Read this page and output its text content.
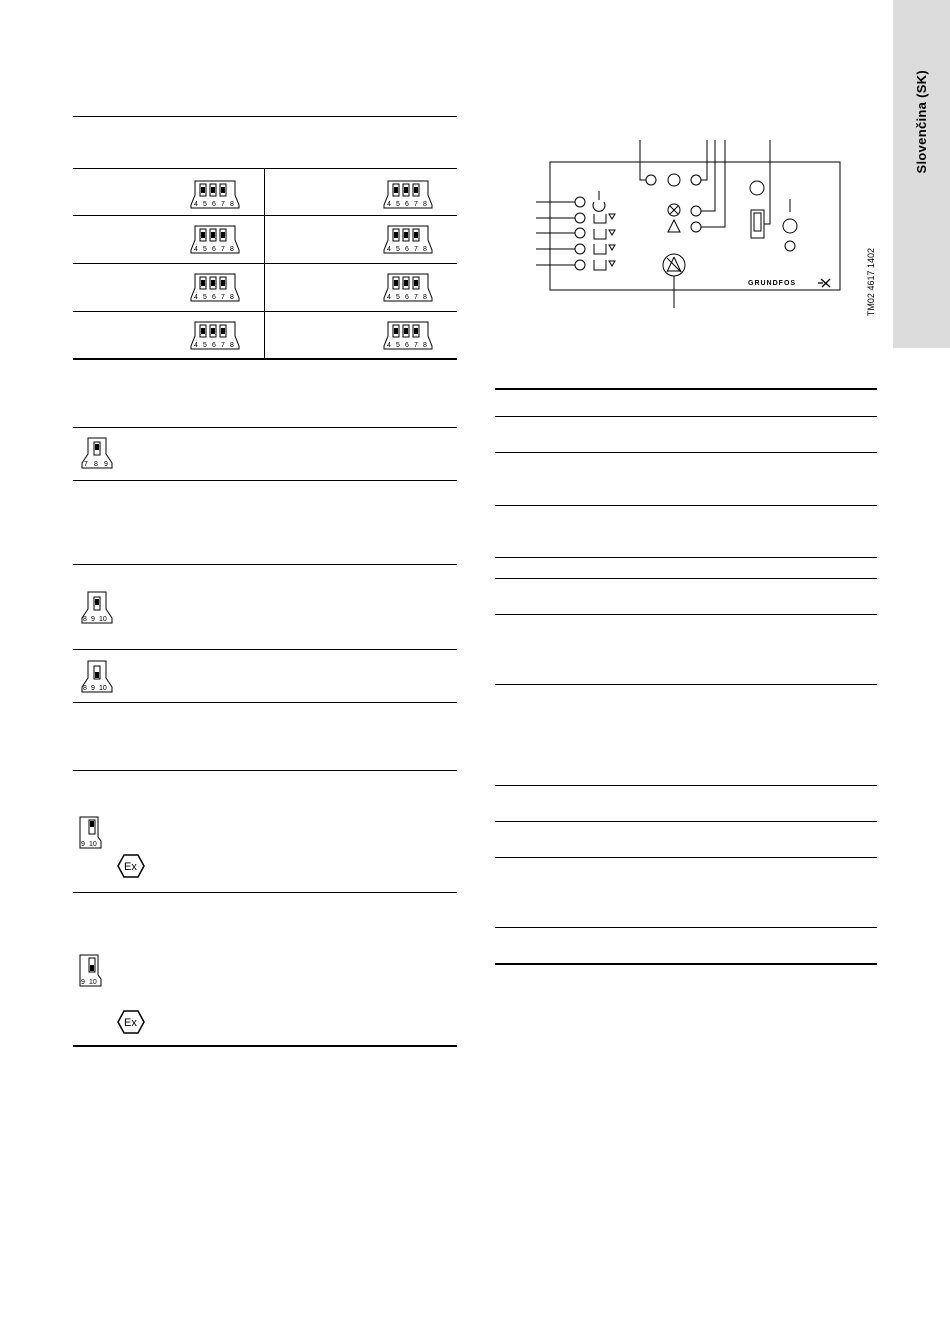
Slovenčina (SK)
4 5 6 7 8	4 5 6 7 8
4 5 6 7 8	4 5 6 7 8
4 5 6 7 8	4 5 6 7 8
4 5 6 7 8	4 5 6 7 8
7 8 9
8 9 10
8 9 10
9 10
Ex
9 10
Ex
GRUNDFOS	TM02 4617 1402
